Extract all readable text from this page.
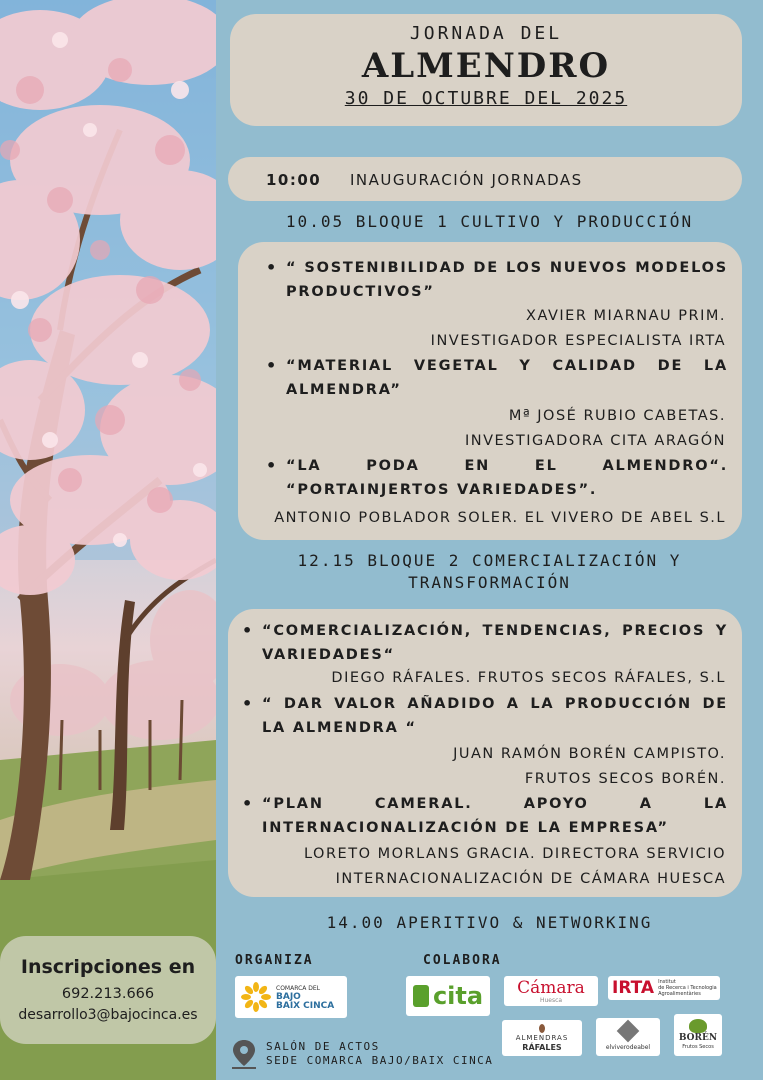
Inscripciones en
692.213.666
desarrollo3@bajocinca.es
JORNADA DEL
ALMENDRO
30 DE OCTUBRE DEL 2025
10:00 INAUGURACIÓN JORNADAS
10.05 BLOQUE 1 CULTIVO Y PRODUCCIÓN
• “ SOSTENIBILIDAD DE LOS NUEVOS MODELOS PRODUCTIVOS”
XAVIER MIARNAU PRIM.
INVESTIGADOR ESPECIALISTA IRTA
• “MATERIAL VEGETAL Y CALIDAD DE LA ALMENDRA”
Mª JOSÉ RUBIO CABETAS.
INVESTIGADORA CITA ARAGÓN
• “LA PODA EN EL ALMENDRO“. “PORTAINJERTOS VARIEDADES”.
ANTONIO POBLADOR SOLER. EL VIVERO DE ABEL S.L
12.15 BLOQUE 2 COMERCIALIZACIÓN Y
TRANSFORMACIÓN
• “COMERCIALIZACIÓN, TENDENCIAS, PRECIOS Y VARIEDADES“
DIEGO RÁFALES. FRUTOS SECOS RÁFALES, S.L
• “ DAR VALOR AÑADIDO A LA PRODUCCIÓN DE LA ALMENDRA “
JUAN RAMÓN BORÉN CAMPISTO.
FRUTOS SECOS BORÉN.
• “PLAN CAMERAL. APOYO A LA INTERNACIONALIZACIÓN DE LA EMPRESA”
LORETO MORLANS GRACIA. DIRECTORA SERVICIO
INTERNACIONALIZACIÓN DE CÁMARA HUESCA
14.00 APERITIVO & NETWORKING
ORGANIZA
COMARCA DEL
BAJO
BAIX CINCA
COLABORA
cita Cámara
Huesca
IRTA Institut
de Recerca i Tecnologia
Agroalimentàries
ALMENDRAS
RÁFALES	elviverodeabel
BORÉN
Frutos Secos
SALÓN DE ACTOS
SEDE COMARCA BAJO/BAIX CINCA
